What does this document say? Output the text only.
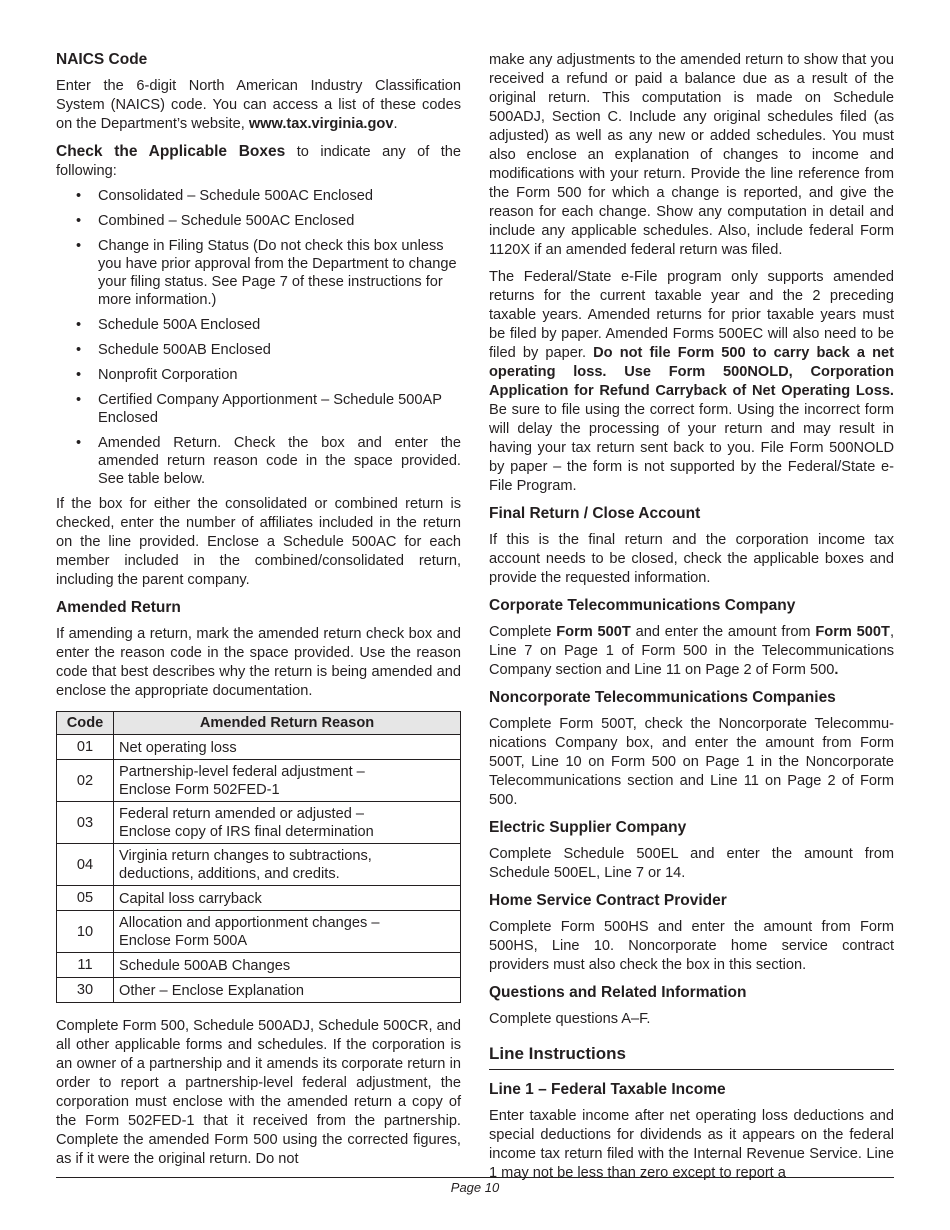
NAICS Code

Enter the 6-digit North American Industry Classification System (NAICS) code. You can access a list of these codes on the Department’s website, www.tax.virginia.gov.

Check the Applicable Boxes to indicate any of the following:

• Consolidated – Schedule 500AC Enclosed
• Combined – Schedule 500AC Enclosed
• Change in Filing Status (Do not check this box unless you have prior approval from the Department to change your filing status. See Page 7 of these instructions for more information.)
• Schedule 500A Enclosed
• Schedule 500AB Enclosed
• Nonprofit Corporation
• Certified Company Apportionment – Schedule 500AP Enclosed
• Amended Return. Check the box and enter the amended return reason code in the space provided. See table below.

If the box for either the consolidated or combined return is checked, enter the number of affiliates included in the return on the line provided. Enclose a Schedule 500AC for each member included in the combined/consolidated return, including the parent company.

Amended Return

If amending a return, mark the amended return check box and enter the reason code in the space provided. Use the reason code that best describes why the return is being amended and enclose the appropriate documentation.

Code	Amended Return Reason
01	Net operating loss
02	Partnership-level federal adjustment –
Enclose Form 502FED-1
03	Federal return amended or adjusted –
Enclose copy of IRS final determination
04	Virginia return changes to subtractions,
deductions, additions, and credits.
05	Capital loss carryback
10	Allocation and apportionment changes –
Enclose Form 500A
11	Schedule 500AB Changes
30	Other – Enclose Explanation

Complete Form 500, Schedule 500ADJ, Schedule 500CR, and all other applicable forms and schedules. If the corporation is an owner of a partnership and it amends its corporate return in order to report a partnership-level federal adjustment, the corporation must enclose with the amended return a copy of the Form 502FED-1 that it received from the partnership. Complete the amended Form 500 using the corrected figures, as if it were the original return. Do not

make any adjustments to the amended return to show that you received a refund or paid a balance due as a result of the original return. This computation is made on Schedule 500ADJ, Section C. Include any original schedules filed (as adjusted) as well as any new or added schedules. You must also enclose an explanation of changes to income and modifications with your return. Provide the line reference from the Form 500 for which a change is reported, and give the reason for each change. Show any computation in detail and include any applicable schedules. Also, include federal Form 1120X if an amended federal return was filed.

The Federal/State e-File program only supports amended returns for the current taxable year and the 2 preceding taxable years. Amended returns for prior taxable years must be filed by paper. Amended Forms 500EC will also need to be filed by paper. Do not file Form 500 to carry back a net operating loss. Use Form 500NOLD, Corporation Application for Refund Carryback of Net Operating Loss. Be sure to file using the correct form. Using the incorrect form will delay the processing of your return and may result in having your tax return sent back to you. File Form 500NOLD by paper – the form is not supported by the Federal/State e-File Program.

Final Return / Close Account

If this is the final return and the corporation income tax account needs to be closed, check the applicable boxes and provide the requested information.

Corporate Telecommunications Company

Complete Form 500T and enter the amount from Form 500T, Line 7 on Page 1 of Form 500 in the Telecommunications Company section and Line 11 on Page 2 of Form 500.

Noncorporate Telecommunications Companies

Complete Form 500T, check the Noncorporate Telecommunications Company box, and enter the amount from Form 500T, Line 10 on Form 500 on Page 1 in the Noncorporate Telecommunications section and Line 11 on Page 2 of Form 500.

Electric Supplier Company

Complete Schedule 500EL and enter the amount from Schedule 500EL, Line 7 or 14.

Home Service Contract Provider

Complete Form 500HS and enter the amount from Form 500HS, Line 10. Noncorporate home service contract providers must also check the box in this section.

Questions and Related Information

Complete questions A–F.

Line Instructions
Line 1 – Federal Taxable Income

Enter taxable income after net operating loss deductions and special deductions for dividends as it appears on the federal income tax return filed with the Internal Revenue Service. Line 1 may not be less than zero except to report a

Page 10
